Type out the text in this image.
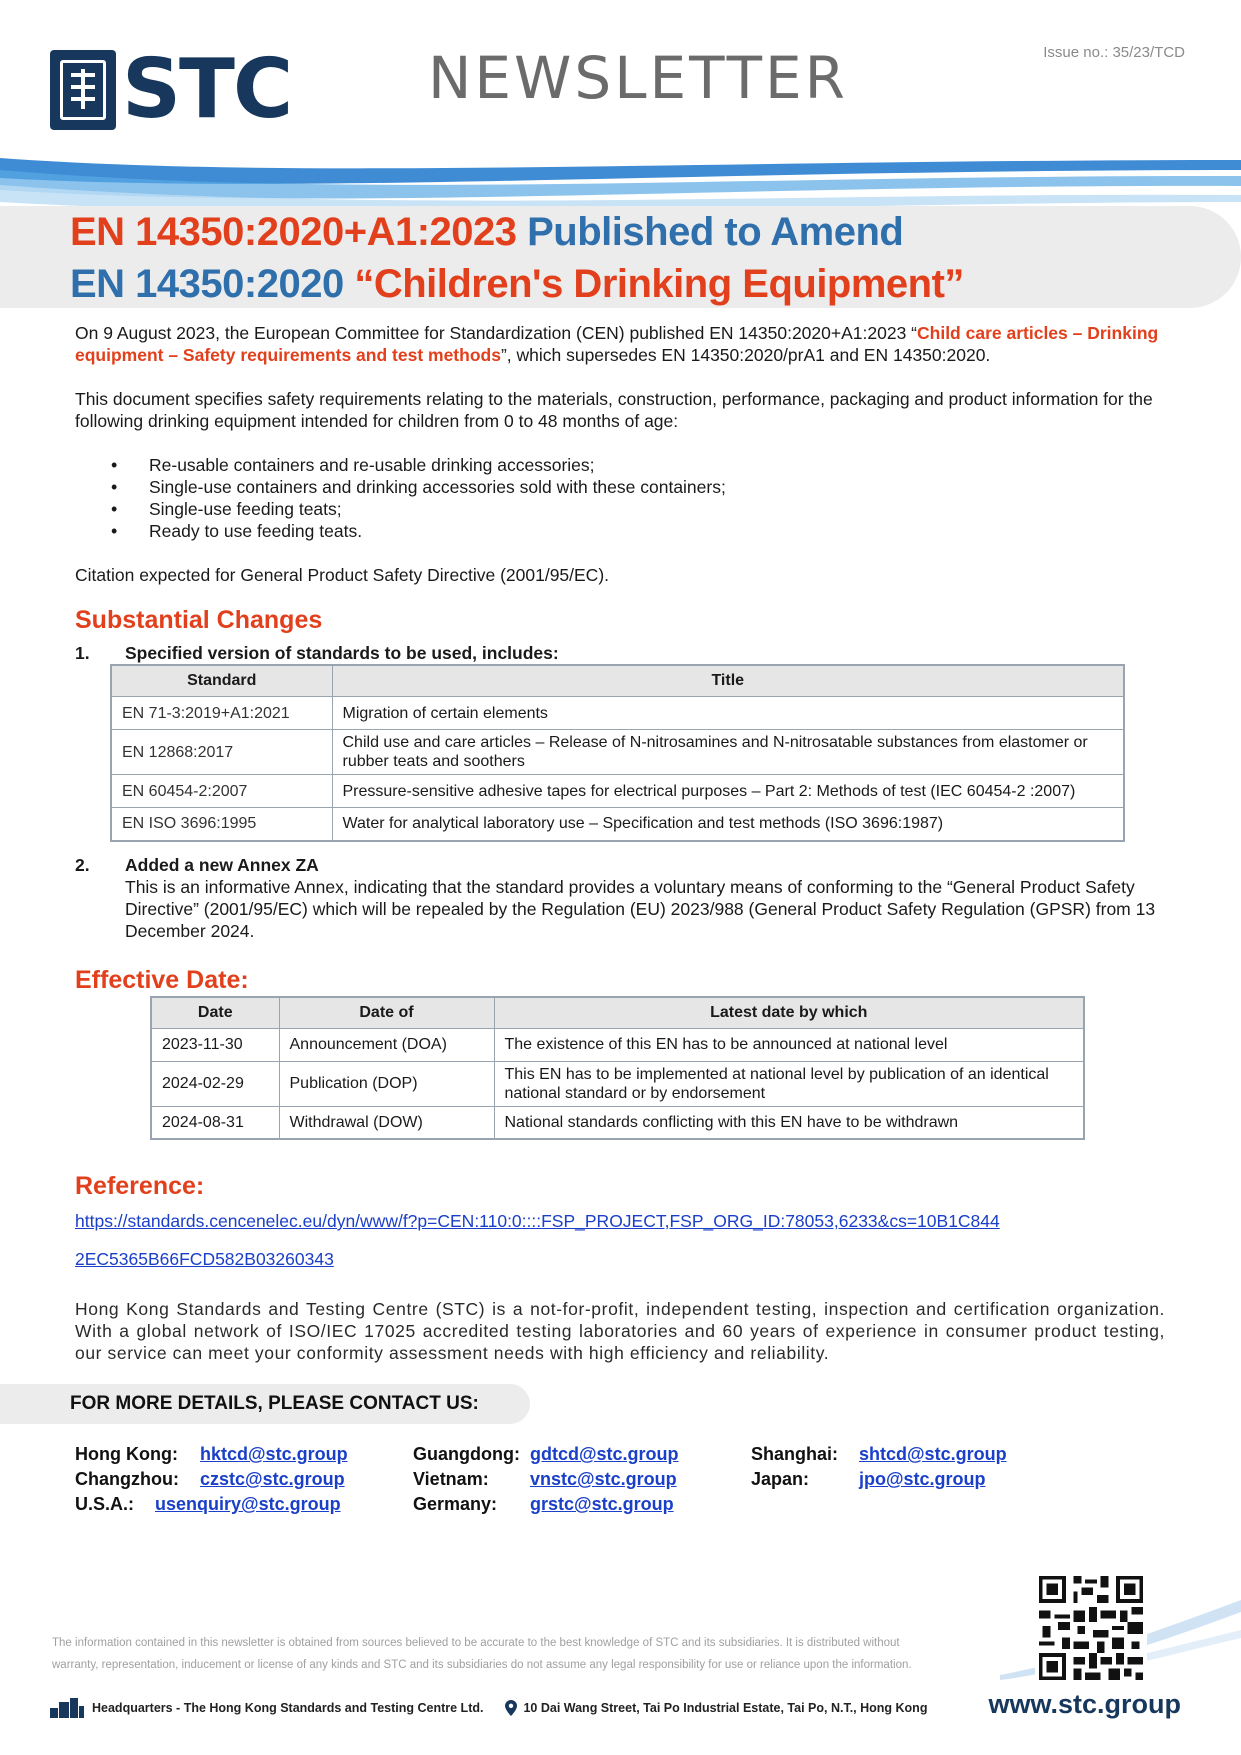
STC NEWSLETTER	Issue no.: 35/23/TCD
EN 14350:2020+A1:2023 Published to Amend
EN 14350:2020 “Children's Drinking Equipment”

On 9 August 2023, the European Committee for Standardization (CEN) published EN 14350:2020+A1:2023 “Child care articles – Drinking equipment – Safety requirements and test methods”, which supersedes EN 14350:2020/prA1 and EN 14350:2020.

This document specifies safety requirements relating to the materials, construction, performance, packaging and product information for the following drinking equipment intended for children from 0 to 48 months of age:

• Re-usable containers and re-usable drinking accessories;
• Single-use containers and drinking accessories sold with these containers;
• Single-use feeding teats;
• Ready to use feeding teats.

Citation expected for General Product Safety Directive (2001/95/EC).

Substantial Changes
1.	Specified version of standards to be used, includes:
Standard	Title
EN 71-3:2019+A1:2021	Migration of certain elements
EN 12868:2017	Child use and care articles – Release of N-nitrosamines and N-nitrosatable substances from elastomer or rubber teats and soothers
EN 60454-2:2007	Pressure-sensitive adhesive tapes for electrical purposes – Part 2: Methods of test (IEC 60454-2 :2007)
EN ISO 3696:1995	Water for analytical laboratory use – Specification and test methods (ISO 3696:1987)
2.	Added a new Annex ZA
This is an informative Annex, indicating that the standard provides a voluntary means of conforming to the “General Product Safety Directive” (2001/95/EC) which will be repealed by the Regulation (EU) 2023/988 (General Product Safety Regulation (GPSR) from 13 December 2024.
Effective Date:
Date	Date of	Latest date by which
2023-11-30	Announcement (DOA)	The existence of this EN has to be announced at national level
2024-02-29	Publication (DOP)	This EN has to be implemented at national level by publication of an identical national standard or by endorsement
2024-08-31	Withdrawal (DOW)	National standards conflicting with this EN have to be withdrawn
Reference:
https://standards.cencenelec.eu/dyn/www/f?p=CEN:110:0::::FSP_PROJECT,FSP_ORG_ID:78053,6233&cs=10B1C844
2EC5365B66FCD582B03260343

Hong Kong Standards and Testing Centre (STC) is a not-for-profit, independent testing, inspection and certification organization. With a global network of ISO/IEC 17025 accredited testing laboratories and 60 years of experience in consumer product testing, our service can meet your conformity assessment needs with high efficiency and reliability.

FOR MORE DETAILS, PLEASE CONTACT US:
Hong Kong:	hktcd@stc.group	Guangdong: gdtcd@stc.group	Shanghai:	shtcd@stc.group
Changzhou:	czstc@stc.group	Vietnam:	vnstc@stc.group	Japan:	jpo@stc.group
U.S.A.:	usenquiry@stc.group	Germany:	grstc@stc.group
The information contained in this newsletter is obtained from sources believed to be accurate to the best knowledge of STC and its subsidiaries. It is distributed without
warranty, representation, inducement or license of any kinds and STC and its subsidiaries do not assume any legal responsibility for use or reliance upon the information.
Headquarters - The Hong Kong Standards and Testing Centre Ltd.	10 Dai Wang Street, Tai Po Industrial Estate, Tai Po, N.T., Hong Kong www.stc.group
